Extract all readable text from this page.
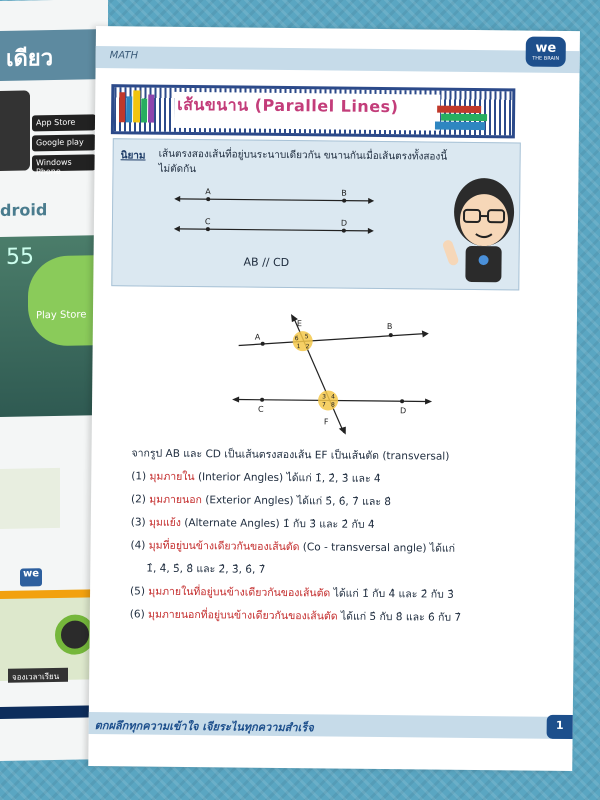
เดียว
App Store
Google play
Windows Phone
droid
55
Play Store
we
จองเวลาเรียน
MATH	we
THE BRAIN
เส้นขนาน (Parallel Lines)
นิยาม เส้นตรงสองเส้นที่อยู่บนระนาบเดียวกัน ขนานกันเมื่อเส้นตรงทั้งสองนี้ไม่ตัดกัน
A	B
C	D
AB // CD
A
B
C	D
E
F
6 5
1 2
7 8
3 4
จากรูป AB และ CD เป็นเส้นตรงสองเส้น EF เป็นเส้นตัด (transversal)
(1) มุมภายใน (Interior Angles) ได้แก่ 1̂, 2̂, 3̂ และ 4̂
(2) มุมภายนอก (Exterior Angles) ได้แก่ 5̂, 6̂, 7̂ และ 8̂
(3) มุมแย้ง (Alternate Angles) 1̂ กับ 3̂ และ 2̂ กับ 4̂
(4) มุมที่อยู่บนข้างเดียวกันของเส้นตัด (Co - transversal angle) ได้แก่
1̂, 4̂, 5̂, 8̂ และ 2̂, 3̂, 6̂, 7̂
(5) มุมภายในที่อยู่บนข้างเดียวกันของเส้นตัด ได้แก่ 1̂ กับ 4̂ และ 2̂ กับ 3̂
(6) มุมภายนอกที่อยู่บนข้างเดียวกันของเส้นตัด ได้แก่ 5̂ กับ 8̂ และ 6̂ กับ 7̂
ตกผลึกทุกความเข้าใจ เจียระไนทุกความสำเร็จ	1
